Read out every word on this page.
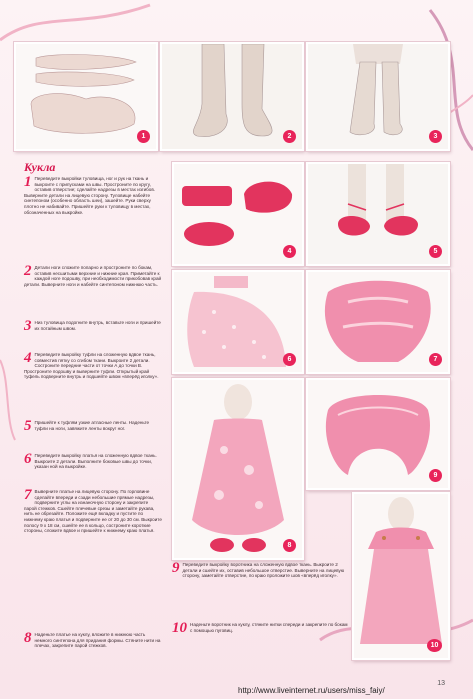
1	2	3
Кукла
1 Переведите выкройки туловища, ног и рук на ткань и выкроите с припусками на швы. Простроните по кругу, оставив отверстие; сделайте надрезы в местах изгибов. Выверните детали на лицевую сторону. Туловище набейте синтепоном (особенно область шеи), зашейте. Руки сверху плотно не набивайте. Пришейте руки к туловищу в местах, обозначенных на выкройке.
2 Детали ноги сложите попарно и простроните по бокам, оставив несшитыми верхние и нижние края. Приметайте к каждой ноге подошву, при необходимости прикобовав край детали. Выверните ноги и набейте синтепоном нижнюю часть.
3 Низ туловища подогните внутрь, вставьте ноги и пришейте их потайным швом.
4 Переведите выкройку туфли на сложенную вдвое ткань, совместив пятку со сгибом ткани. Выкроите 2 детали. Состроните передние части от точки А до точки В. Простроните подошву и выверните туфли. Открытый край туфель подверните внутрь и подшейте швом «вперёд иголку».
5 Пришейте к туфлям узкие атласные ленты. Наденьте туфли на ноги, завяжите ленты вокруг ног.
6 Переведите выкройку платья на сложенную вдвое ткань. Выкроите 2 детали. Выполните боковые швы до точки, указан ной на выкройке.
7 Выверните платье на лицевую сторону. По горловине сделайте впереди и сзади небольшие прямые надрезы, подверните углы на изнаночную сторону и закрепите парой стежков. Сшейте плечевые срезы и заметайте рукава, нить не обрезайте. Положите ещё вкладку и пустите по нижнему краю платья и подверните ее от 20 до 30 см. Выкроите полосу 9 х 18 см, сшейте ее в кольцо, состроните короткие стороны, сложите вдвое и пришейте к нижнему краю платья.
8 Наденьте платье на куклу, вложите в нижнюю часть немного синтепона для придания формы. Стяните нити на плечах, закрепите парой стежков.
4	5
6	7
8
9
10
9 Переведите выкройку воротника на сложенную вдвое ткань. Выкроите 2 детали и сшейте их, оставив небольшое отверстие. Выверните на лицевую сторону, заметайте отверстие, по краю проложите шов «вперёд иголку».
10 Наденьте воротник на куклу, стяните нитки спереди и закрепите по бокам с помощью пуговиц.
13
http://www.liveinternet.ru/users/miss_faiy/
